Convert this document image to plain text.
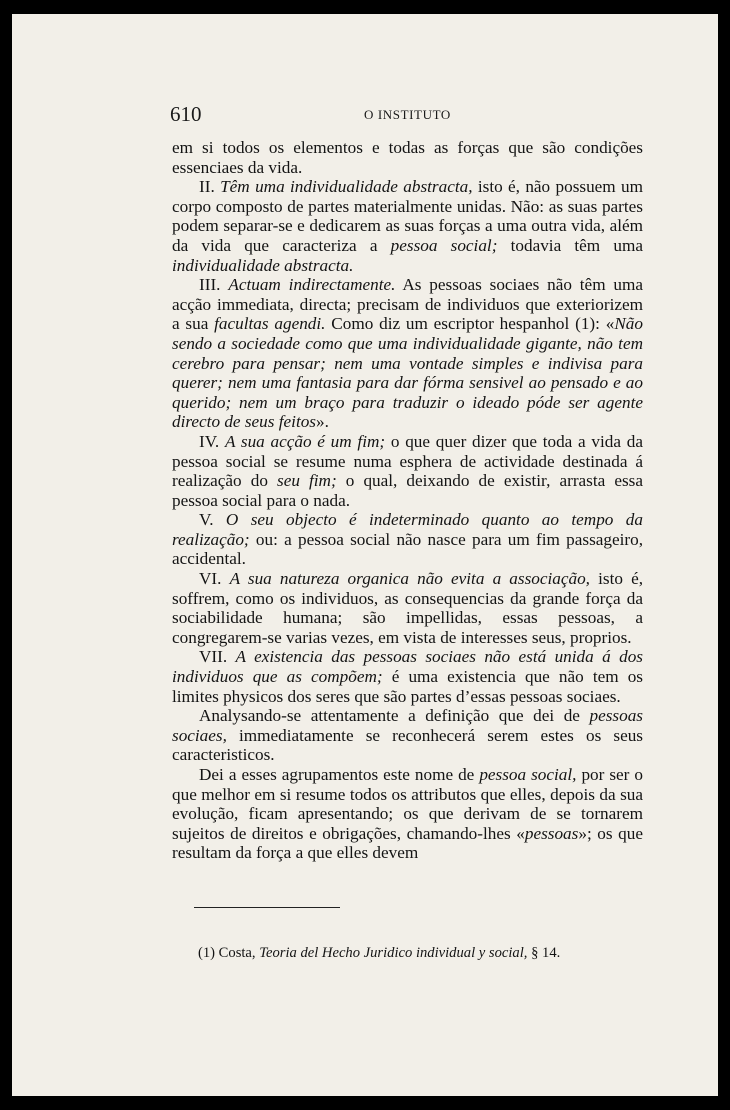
610	O INSTITUTO

em si todos os elementos e todas as forças que são condições essenciaes da vida.

II. Têm uma individualidade abstracta, isto é, não possuem um corpo composto de partes materialmente unidas. Não: as suas partes podem separar-se e dedicarem as suas forças a uma outra vida, além da vida que caracteriza a pessoa social; todavia têm uma individualidade abstracta.

III. Actuam indirectamente. As pessoas sociaes não têm uma acção immediata, directa; precisam de individuos que exteriorizem a sua facultas agendi. Como diz um escriptor hespanhol (1): «Não sendo a sociedade como que uma individualidade gigante, não tem cerebro para pensar; nem uma vontade simples e indivisa para querer; nem uma fantasia para dar fórma sensivel ao pensado e ao querido; nem um braço para traduzir o ideado póde ser agente directo de seus feitos».

IV. A sua acção é um fim; o que quer dizer que toda a vida da pessoa social se resume numa esphera de actividade destinada á realização do seu fim; o qual, deixando de existir, arrasta essa pessoa social para o nada.

V. O seu objecto é indeterminado quanto ao tempo da realização; ou: a pessoa social não nasce para um fim passageiro, accidental.

VI. A sua natureza organica não evita a associação, isto é, soffrem, como os individuos, as consequencias da grande força da sociabilidade humana; são impellidas, essas pessoas, a congregarem-se varias vezes, em vista de interesses seus, proprios.

VII. A existencia das pessoas sociaes não está unida á dos individuos que as compõem; é uma existencia que não tem os limites physicos dos seres que são partes d’essas pessoas sociaes.

Analysando-se attentamente a definição que dei de pessoas sociaes, immediatamente se reconhecerá serem estes os seus caracteristicos.

Dei a esses agrupamentos este nome de pessoa social, por ser o que melhor em si resume todos os attributos que elles, depois da sua evolução, ficam apresentando; os que derivam de se tornarem sujeitos de direitos e obrigações, chamando-lhes «pessoas»; os que resultam da força a que elles devem

(1) Costa, Teoria del Hecho Juridico individual y social, § 14.
